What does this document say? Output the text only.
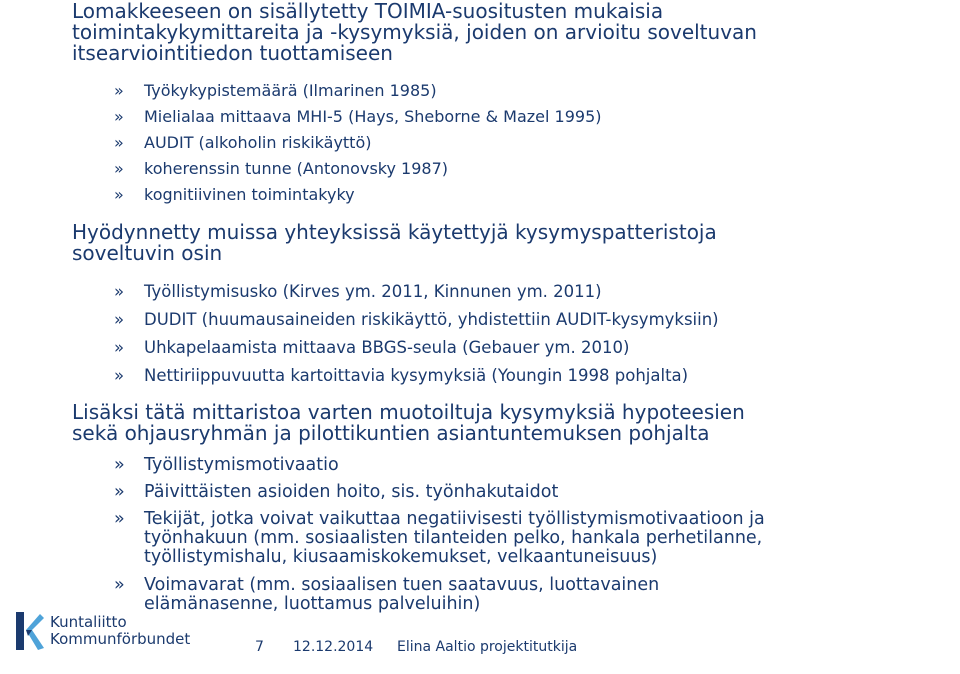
Lomakkeeseen on sisällytetty TOIMIA-suositusten mukaisia
toimintakykymittareita ja -kysymyksiä, joiden on arvioitu soveltuvan
itsearviointitiedon tuottamiseen
» Työkykypistemäärä (Ilmarinen 1985)
» Mielialaa mittaava MHI-5 (Hays, Sheborne & Mazel 1995)
» AUDIT (alkoholin riskikäyttö)
» koherenssin tunne (Antonovsky 1987)
» kognitiivinen toimintakyky
Hyödynnetty muissa yhteyksissä käytettyjä kysymyspatteristoja
soveltuvin osin
» Työllistymisusko (Kirves ym. 2011, Kinnunen ym. 2011)
» DUDIT (huumausaineiden riskikäyttö, yhdistettiin AUDIT-kysymyksiin)
» Uhkapelaamista mittaava BBGS-seula (Gebauer ym. 2010)
» Nettiriippuvuutta kartoittavia kysymyksiä (Youngin 1998 pohjalta)
Lisäksi tätä mittaristoa varten muotoiltuja kysymyksiä hypoteesien
sekä ohjausryhmän ja pilottikuntien asiantuntemuksen pohjalta
» Työllistymismotivaatio
» Päivittäisten asioiden hoito, sis. työnhakutaidot
» Tekijät, jotka voivat vaikuttaa negatiivisesti työllistymismotivaatioon ja
työnhakuun (mm. sosiaalisten tilanteiden pelko, hankala perhetilanne,
työllistymishalu, kiusaamiskokemukset, velkaantuneisuus)
» Voimavarat (mm. sosiaalisen tuen saatavuus, luottavainen
elämänasenne, luottamus palveluihin)
Kuntaliitto
Kommunförbundet	7 12.12.2014 Elina Aaltio projektitutkija
